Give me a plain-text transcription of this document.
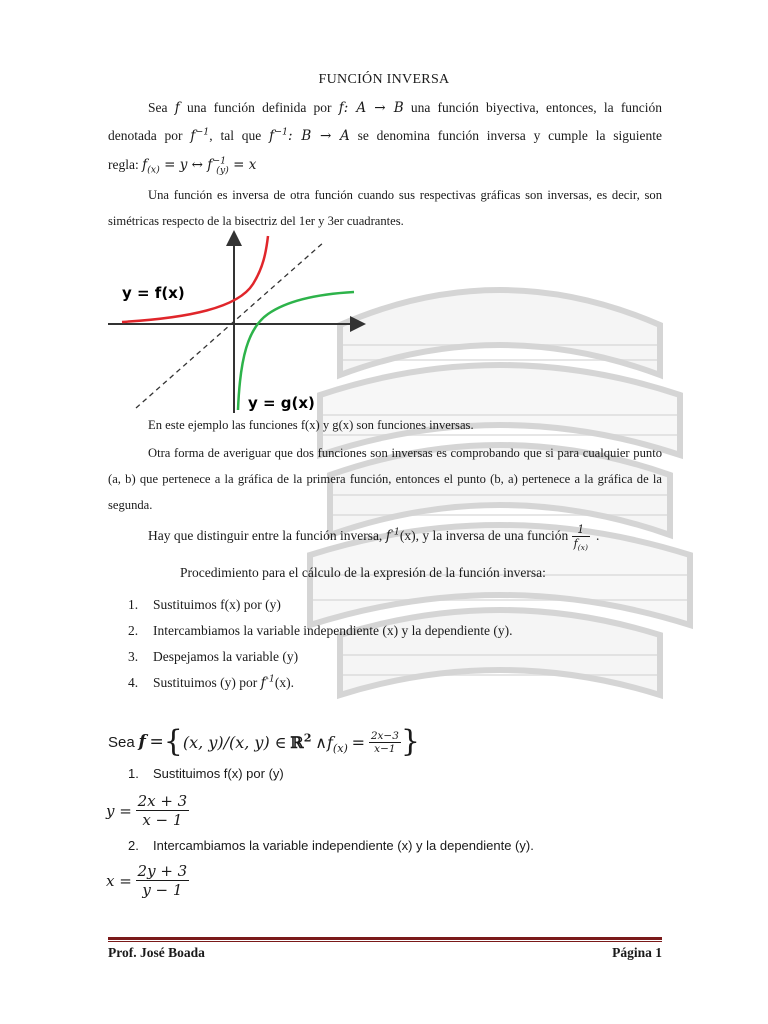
FUNCIÓN INVERSA
Sea f una función definida por f: A → B una función biyectiva, entonces, la función
denotada por $f^{-1}$, tal que $f^{-1}$: B → A se denomina función inversa y cumple la siguiente
regla: $f_{(x)} = y$ ↔ $f^{-1}_{(y)} = x$
Una función es inversa de otra función cuando sus respectivas gráficas son inversas, es decir, son simétricas respecto de la bisectriz del 1er y 3er cuadrantes.
y = f(x)
y = g(x)
En este ejemplo las funciones f(x) y g(x) son funciones inversas.
Otra forma de averiguar que dos funciones son inversas es comprobando que si para cualquier punto (a, b) que pertenece a la gráfica de la primera función, entonces el punto (b, a) pertenece a la gráfica de la segunda.
Hay que distinguir entre la función inversa,
$f^{-1}$ (x), y la inversa de una función
$\frac{1}{f_{(x)}}$ .
Procedimiento para el cálculo de la expresión de la función inversa:
1. Sustituimos f(x) por (y)
2. Intercambiamos la variable independiente (x) y la dependiente (y).
3. Despejamos la variable (y)
4. Sustituimos (y) por $f^{-1}(x)$.
Sea
f
= { (x, y)/(x, y) ∈
ℝ$^2$
∧ $f_{(x)}$
=
$\frac{2x-3}{x-1}$ }
1. Sustituimos f(x) por (y)
y =
$\frac{2x + 3}{x - 1}$
2. Intercambiamos la variable independiente (x) y la dependiente (y).
x =
$\frac{2y + 3}{y - 1}$
Prof. José Boada	Página 1
